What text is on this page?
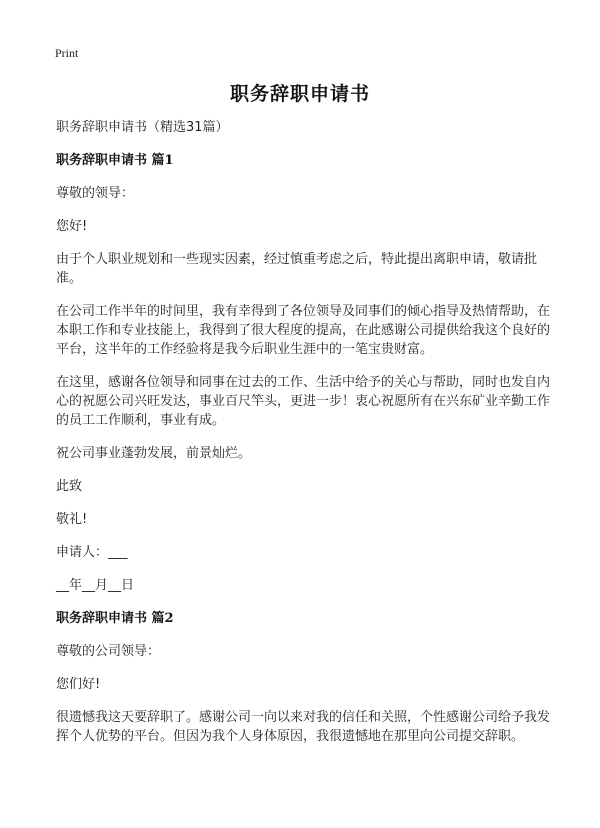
Print
职务辞职申请书
职务辞职申请书（精选31篇）
职务辞职申请书 篇1

尊敬的领导：

您好!

由于个人职业规划和一些现实因素，经过慎重考虑之后，特此提出离职申请，敬请批准。

在公司工作半年的时间里，我有幸得到了各位领导及同事们的倾心指导及热情帮助，在本职工作和专业技能上，我得到了很大程度的提高，在此感谢公司提供给我这个良好的平台，这半年的工作经验将是我今后职业生涯中的一笔宝贵财富。

在这里，感谢各位领导和同事在过去的工作、生活中给予的关心与帮助，同时也发自内心的祝愿公司兴旺发达，事业百尺竿头，更进一步！衷心祝愿所有在兴东矿业辛勤工作的员工工作顺利，事业有成。

祝公司事业蓬勃发展，前景灿烂。

此致

敬礼!

申请人：___

__年__月__日

职务辞职申请书 篇2

尊敬的公司领导：

您们好!

很遗憾我这天要辞职了。感谢公司一向以来对我的信任和关照，个性感谢公司给予我发挥个人优势的平台。但因为我个人身体原因，我很遗憾地在那里向公司提交辞职。
